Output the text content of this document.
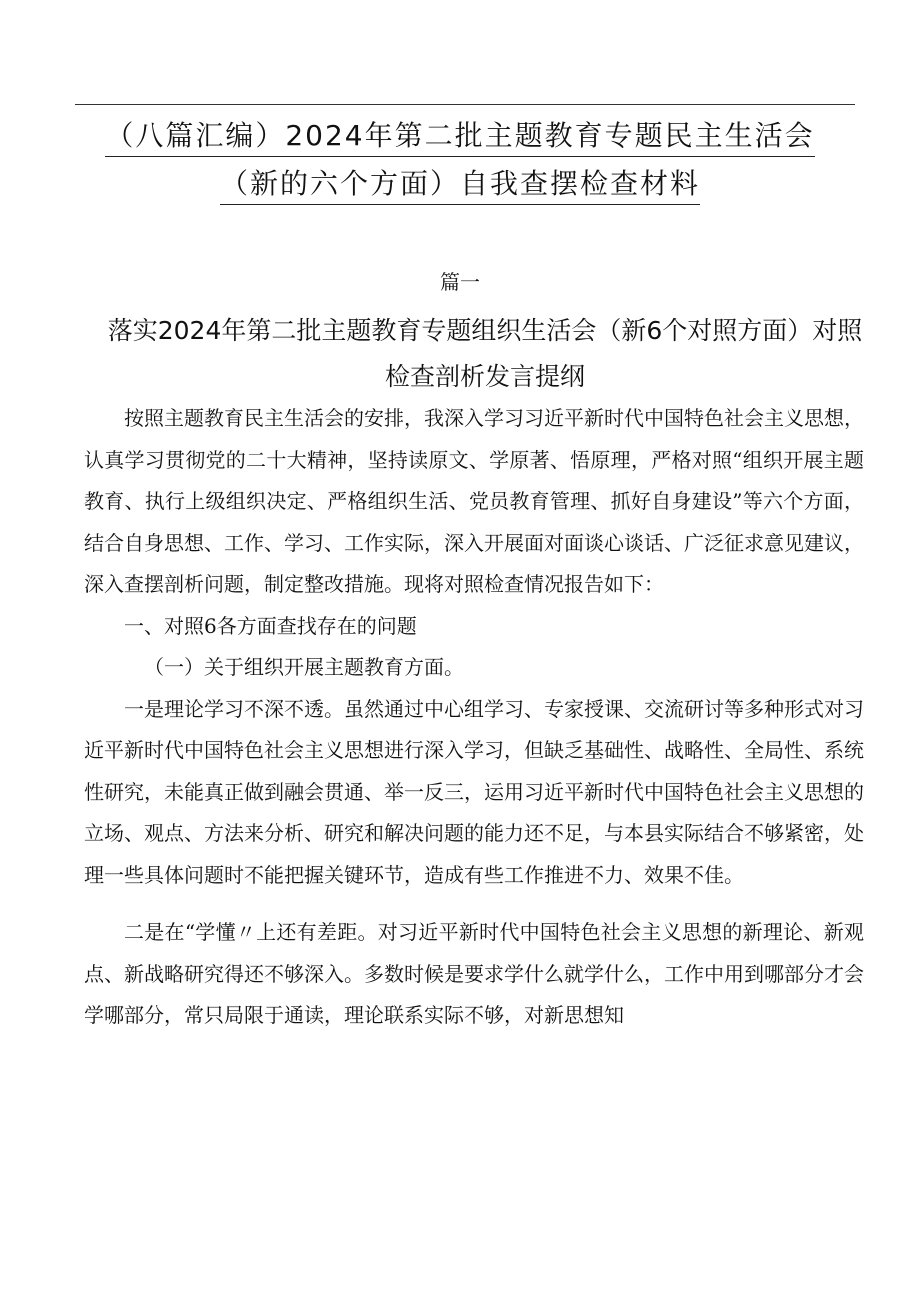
（八篇汇编）2024年第二批主题教育专题民主生活会
（新的六个方面）自我查摆检查材料
篇一
落实2024年第二批主题教育专题组织生活会（新6个对照方面）对照检查剖析发言提纲

按照主题教育民主生活会的安排，我深入学习习近平新时代中国特色社会主义思想，认真学习贯彻党的二十大精神，坚持读原文、学原著、悟原理，严格对照“组织开展主题教育、执行上级组织决定、严格组织生活、党员教育管理、抓好自身建设”等六个方面，结合自身思想、工作、学习、工作实际，深入开展面对面谈心谈话、广泛征求意见建议，深入查摆剖析问题，制定整改措施。现将对照检查情况报告如下：

一、对照6各方面查找存在的问题

（一）关于组织开展主题教育方面。

一是理论学习不深不透。虽然通过中心组学习、专家授课、交流研讨等多种形式对习近平新时代中国特色社会主义思想进行深入学习，但缺乏基础性、战略性、全局性、系统性研究，未能真正做到融会贯通、举一反三，运用习近平新时代中国特色社会主义思想的立场、观点、方法来分析、研究和解决问题的能力还不足，与本县实际结合不够紧密，处理一些具体问题时不能把握关键环节，造成有些工作推进不力、效果不佳。

二是在“学懂〃上还有差距。对习近平新时代中国特色社会主义思想的新理论、新观点、新战略研究得还不够深入。多数时候是要求学什么就学什么，工作中用到哪部分才会学哪部分，常只局限于通读，理论联系实际不够，对新思想知
